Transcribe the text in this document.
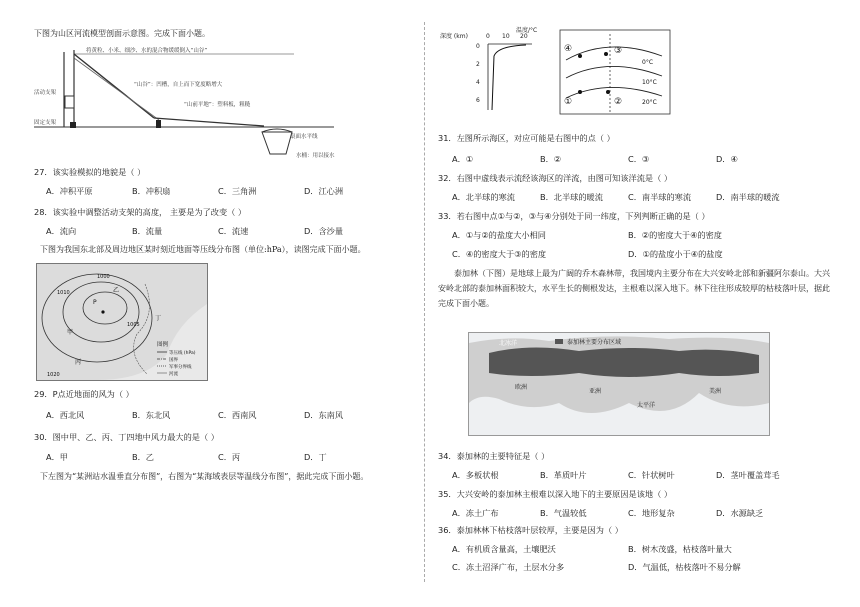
下图为山区河流模型剖面示意图。完成下面小题。
将黄粒、小米、细沙、水的混合物缓缓倒入“山谷”
活动支架
固定支架
“山谷”：凹槽，自上而下宽度略增大
“山前平地”：塑料板，粗糙
桌面水平线
水桶：用以接水
27．该实验模拟的地貌是（ ）
A．冲积平原	B．冲积扇	C．三角洲	D．江心洲
28．该实验中调整活动支架的高度， 主要是为了改变（ ）
A．流向	B．流量	C．流速	D．含沙量
下图为我国东北部及周边地区某时刻近地面等压线分布图（单位:hPa），读图完成下面小题。
P
甲
乙
丙
丁
1000
1010
1005
1020
图例
等压线 (hPa)
国界
军事分界线
河流
29．P点近地面的风为（ ）
A．西北风	B．东北风	C．西南风	D．东南风
30．图中甲、乙、丙、丁四地中风力最大的是（ ）
A．甲	B．乙	C．丙	D．丁
下左图为“某洲站水温垂直分布图”，右图为“某海域表层等温线分布图”，据此完成下面小题。
深度 (km)
温度/°C
0 10 20
0
2
4
6
④	③
①	②
0°C
10°C
20°C
31．左图所示海区，对应可能是右图中的点（ ）
A．①	B．②	C．③	D．④
32．右图中虚线表示流经该海区的洋流，由图可知该洋流是（ ）
A．北半球的寒流	B．北半球的暖流	C．南半球的寒流	D．南半球的暖流
33．若右图中点①与②，③与④分别处于同一纬度，下列判断正确的是（ ）
A．①与②的盐度大小相同	B．②的密度大于④的密度
C．④的密度大于③的密度	D．①的盐度小于④的盐度
泰加林（下图）是地球上最为广阔的乔木森林带，我国境内主要分布在大兴安岭北部和新疆阿尔泰山。大兴安岭北部的泰加林面积较大，水平生长的侧根发达，主根难以深入地下。林下往往形成较厚的枯枝落叶层，据此完成下面小题。
泰加林主要分布区域
北冰洋
太平洋
美洲
亚洲
欧洲
34．泰加林的主要特征是（ ）
A．多板状根	B．革质叶片	C．针状树叶	D．茎叶覆盖茸毛
35．大兴安岭的泰加林主根难以深入地下的主要原因是该地（ ）
A．冻土广布	B．气温较低	C．地形复杂	D．水源缺乏
36．泰加林林下枯枝落叶层较厚，主要是因为（ ）
A．有机质含量高，土壤肥沃	B．树木茂盛，枯枝落叶量大
C．冻土沼泽广布，土层水分多	D．气温低，枯枝落叶不易分解
